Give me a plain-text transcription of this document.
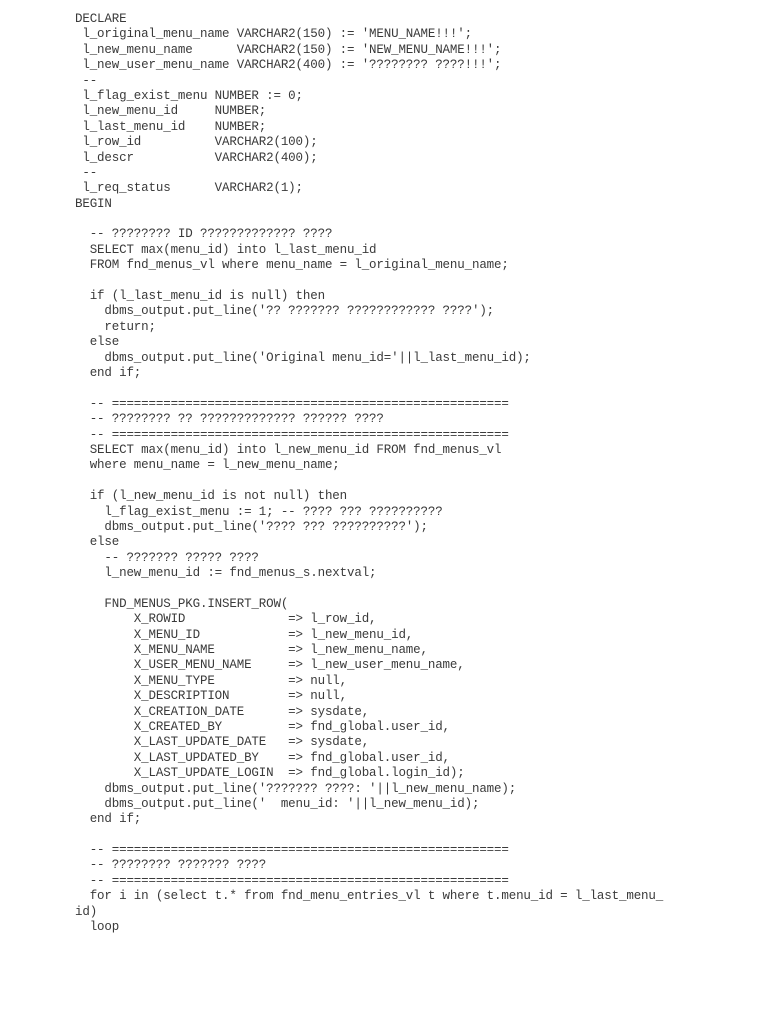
DECLARE
l_original_menu_name VARCHAR2(150) := 'MENU_NAME!!!';
l_new_menu_name      VARCHAR2(150) := 'NEW_MENU_NAME!!!';
l_new_user_menu_name VARCHAR2(400) := '???????? ????!!!';
--
l_flag_exist_menu NUMBER := 0;
l_new_menu_id     NUMBER;
l_last_menu_id    NUMBER;
l_row_id          VARCHAR2(100);
l_descr           VARCHAR2(400);
--
l_req_status      VARCHAR2(1);
BEGIN
-- ???????? ID ????????????? ????
SELECT max(menu_id) into l_last_menu_id
FROM fnd_menus_vl where menu_name = l_original_menu_name;
if (l_last_menu_id is null) then
dbms_output.put_line('?? ??????? ???????????? ????');
return;
else
dbms_output.put_line('Original menu_id='||l_last_menu_id);
end if;
-- ======================================================
-- ???????? ?? ????????????? ?????? ????
-- ======================================================
SELECT max(menu_id) into l_new_menu_id FROM fnd_menus_vl
where menu_name = l_new_menu_name;
if (l_new_menu_id is not null) then
l_flag_exist_menu := 1; -- ???? ??? ??????????
dbms_output.put_line('???? ??? ??????????');
else
-- ??????? ????? ????
l_new_menu_id := fnd_menus_s.nextval;
FND_MENUS_PKG.INSERT_ROW(
X_ROWID              => l_row_id,
X_MENU_ID            => l_new_menu_id,
X_MENU_NAME          => l_new_menu_name,
X_USER_MENU_NAME     => l_new_user_menu_name,
X_MENU_TYPE          => null,
X_DESCRIPTION        => null,
X_CREATION_DATE      => sysdate,
X_CREATED_BY         => fnd_global.user_id,
X_LAST_UPDATE_DATE   => sysdate,
X_LAST_UPDATED_BY    => fnd_global.user_id,
X_LAST_UPDATE_LOGIN  => fnd_global.login_id);
dbms_output.put_line('??????? ????: '||l_new_menu_name);
dbms_output.put_line('  menu_id: '||l_new_menu_id);
end if;
-- ======================================================
-- ???????? ??????? ????
-- ======================================================
for i in (select t.* from fnd_menu_entries_vl t where t.menu_id = l_last_menu_
id)
loop
